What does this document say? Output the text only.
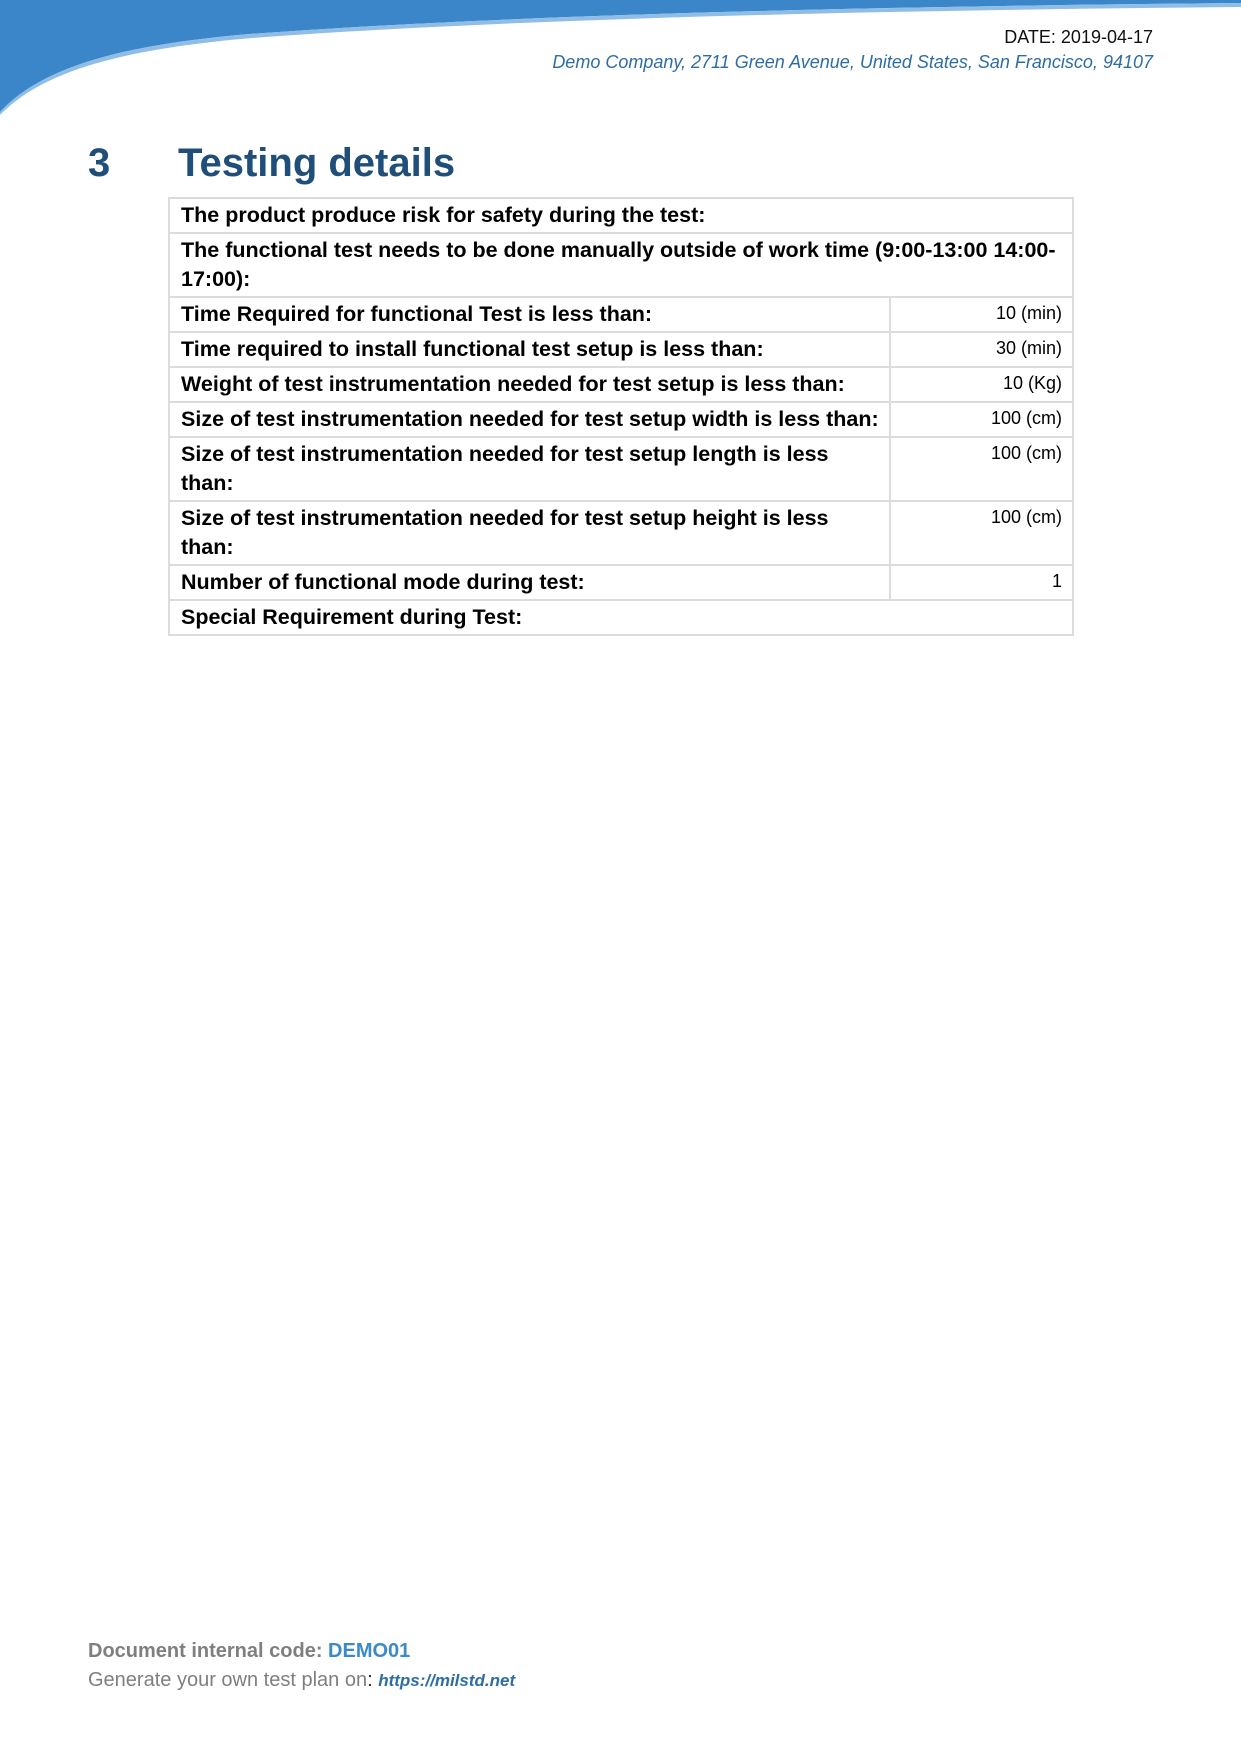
DATE: 2019-04-17
Demo Company, 2711 Green Avenue, United States, San Francisco, 94107
3	Testing details
The product produce risk for safety during the test:	
The functional test needs to be done manually outside of work time (9:00-13:00 14:00-17:00):	
Time Required for functional Test is less than:	10 (min)
Time required to install functional test setup is less than:	30 (min)
Weight of test instrumentation needed for test setup is less than:	10 (Kg)
Size of test instrumentation needed for test setup width is less than:	100 (cm)
Size of test instrumentation needed for test setup length is less than:	100 (cm)
Size of test instrumentation needed for test setup height is less than:	100 (cm)
Number of functional mode during test:	1
Special Requirement during Test:	
Document internal code: DEMO01
Generate your own test plan on: https://milstd.net
